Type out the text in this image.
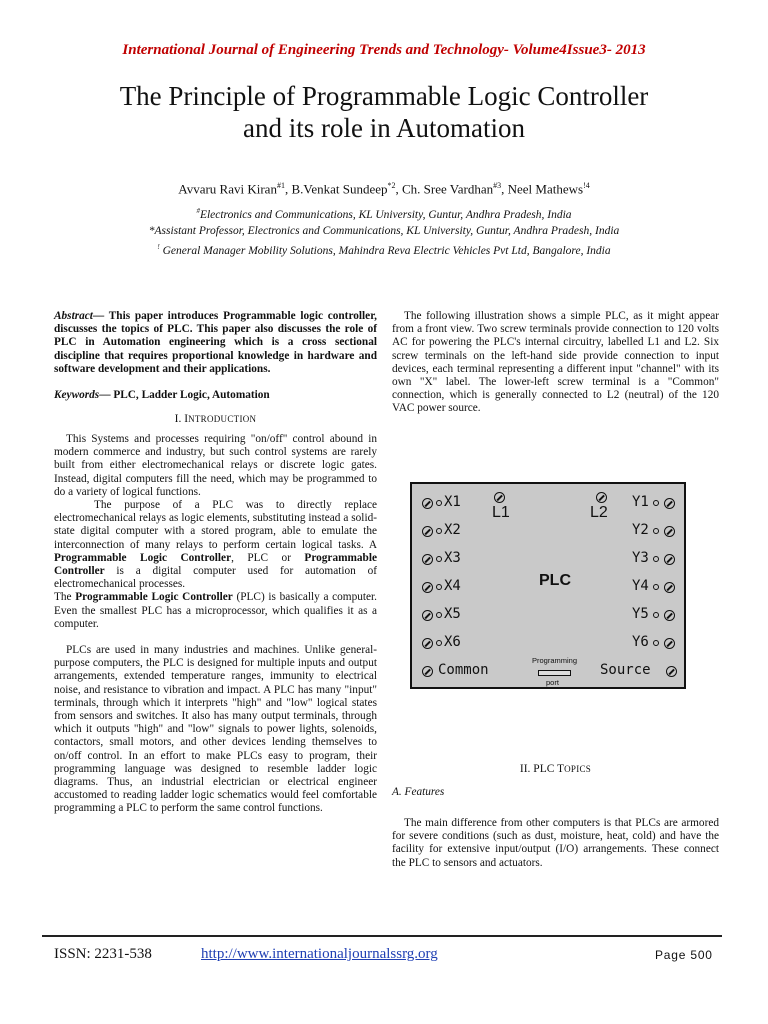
International Journal of Engineering Trends and Technology- Volume4Issue3- 2013
The Principle of Programmable Logic Controller
and its role in Automation
Avvaru Ravi Kiran$^{\#1}$, B.Venkat Sundeep$^{*2}$, Ch. Sree Vardhan$^{\#3}$, Neel Mathews$^{!4}$
#Electronics and Communications, KL University, Guntur, Andhra Pradesh, India
*Assistant Professor, Electronics and Communications, KL University, Guntur, Andhra Pradesh, India
! General Manager Mobility Solutions, Mahindra Reva Electric Vehicles Pvt Ltd, Bangalore, India

Abstract— This paper introduces Programmable logic controller, discusses the topics of PLC. This paper also discusses the role of PLC in Automation engineering which is a cross sectional discipline that requires proportional knowledge in hardware and software development and their applications.

Keywords— PLC, Ladder Logic, Automation

I. INTRODUCTION

This Systems and processes requiring "on/off" control abound in modern commerce and industry, but such control systems are rarely built from either electromechanical relays or discrete logic gates. Instead, digital computers fill the need, which may be programmed to do a variety of logical functions.

The purpose of a PLC was to directly replace electromechanical relays as logic elements, substituting instead a solid-state digital computer with a stored program, able to emulate the interconnection of many relays to perform certain logical tasks. A Programmable Logic Controller, PLC or Programmable Controller is a digital computer used for automation of electromechanical processes.

The Programmable Logic Controller (PLC) is basically a computer. Even the smallest PLC has a microprocessor, which qualifies it as a computer.

PLCs are used in many industries and machines. Unlike general-purpose computers, the PLC is designed for multiple inputs and output arrangements, extended temperature ranges, immunity to electrical noise, and resistance to vibration and impact. A PLC has many "input" terminals, through which it interprets "high" and "low" logical states from sensors and switches. It also has many output terminals, through which it outputs "high" and "low" signals to power lights, solenoids, contactors, small motors, and other devices lending themselves to on/off control. In an effort to make PLCs easy to program, their programming language was designed to resemble ladder logic diagrams. Thus, an industrial electrician or electrical engineer accustomed to reading ladder logic schematics would feel comfortable programming a PLC to perform the same control functions.

The following illustration shows a simple PLC, as it might appear from a front view. Two screw terminals provide connection to 120 volts AC for powering the PLC's internal circuitry, labelled L1 and L2. Six screw terminals on the left-hand side provide connection to input devices, each terminal representing a different input "channel" with its own "X" label. The lower-left screw terminal is a "Common" connection, which is generally connected to L2 (neutral) of the 120 VAC power source.

X1
X2
X3
X4
X5
X6
Y1
Y2
Y3
Y4
Y5
Y6
L1	L2
PLC
Common	Source
Programming
port
II. PLC TOPICS
A. Features

The main difference from other computers is that PLCs are armored for severe conditions (such as dust, moisture, heat, cold) and have the facility for extensive input/output (I/O) arrangements. These connect the PLC to sensors and actuators.

ISSN: 2231-538	http://www.internationaljournalssrg.org	Page 500
